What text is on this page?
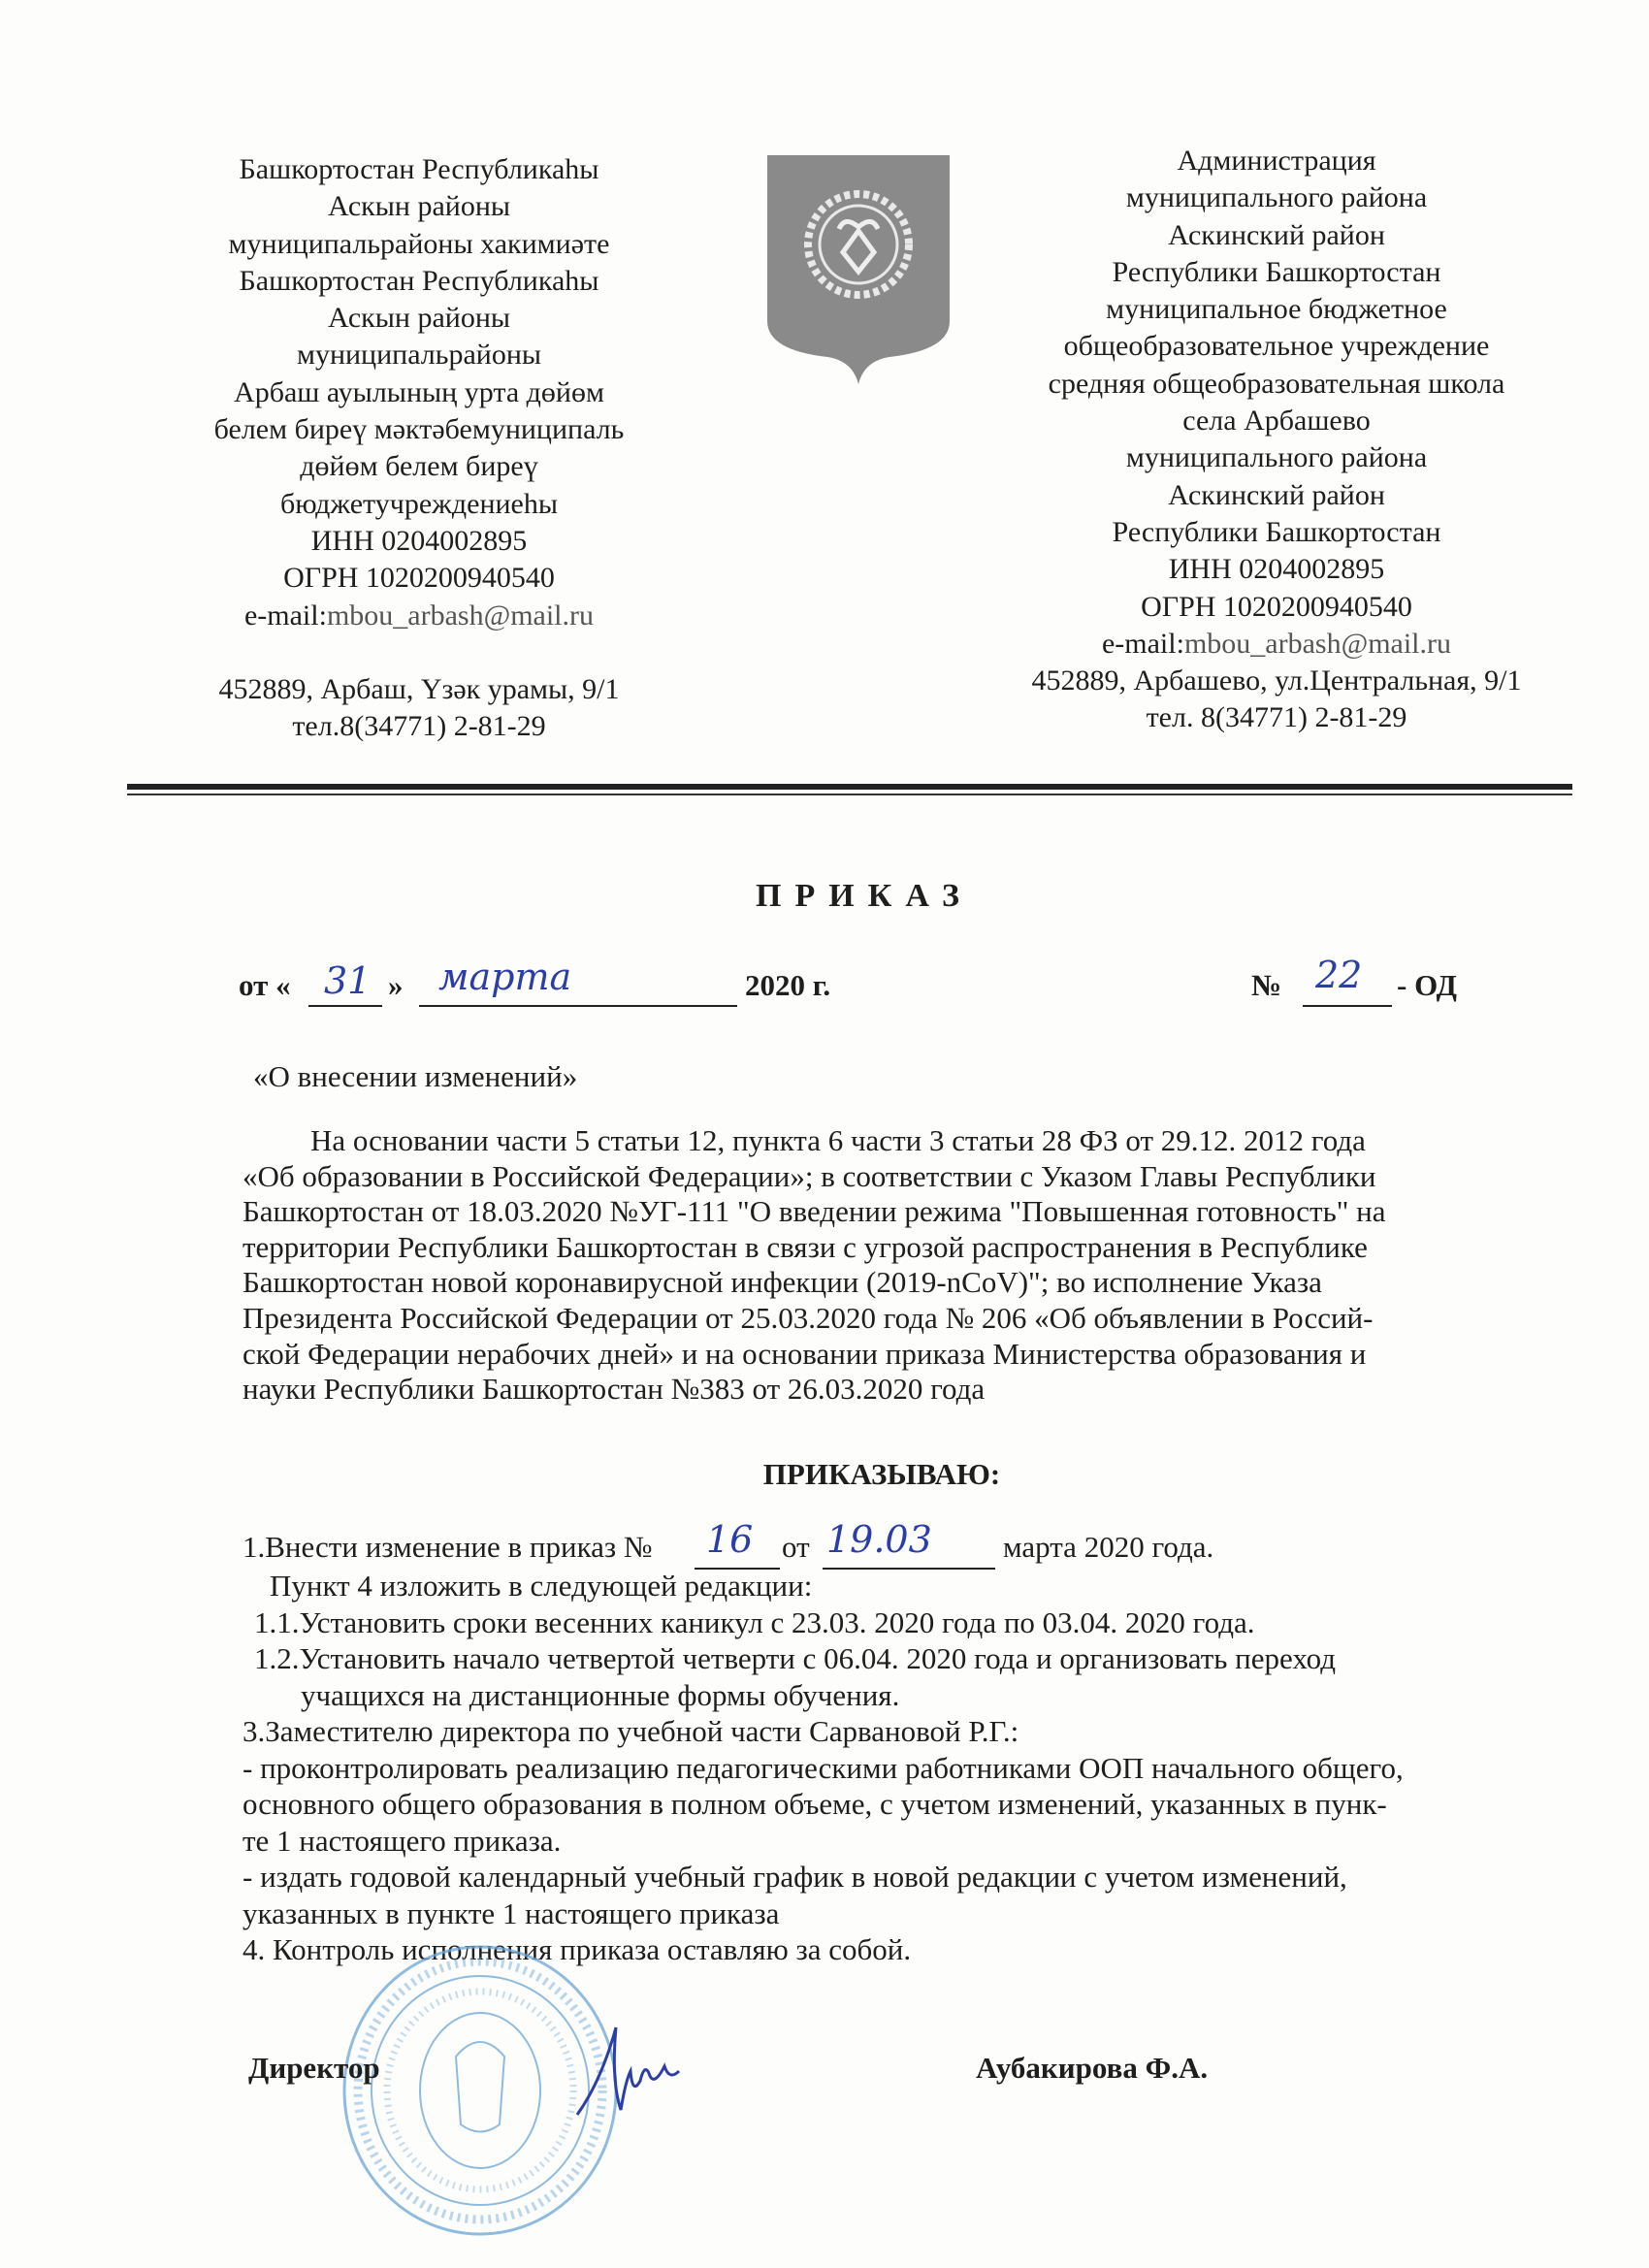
Башкортостан Республикаhы
Аскын районы
муниципальрайоны хакимиәте
Башкортостан Республикаhы
Аскын районы
муниципальрайоны
Арбаш ауылының урта дөйөм
белем биреү мәктәбемуниципаль
дөйөм белем биреү
бюджетучреждениеhы
ИНН 0204002895
ОГРН 1020200940540
e-mail:mbou_arbash@mail.ru
452889, Арбаш, Үзәк урамы, 9/1
тел.8(34771) 2-81-29
Администрация
муниципального района
Аскинский район
Республики Башкортостан
муниципальное бюджетное
общеобразовательное учреждение
средняя общеобразовательная школа
села Арбашево
муниципального района
Аскинский район
Республики Башкортостан
ИНН 0204002895
ОГРН 1020200940540
e-mail:mbou_arbash@mail.ru
452889, Арбашево, ул.Центральная, 9/1
тел. 8(34771) 2-81-29
ПРИКАЗ
от « 31 » марта	2020 г.	№ 22 - ОД
«О внесении изменений»
На основании части 5 статьи 12, пункта 6 части 3 статьи 28 ФЗ от 29.12. 2012 года
«Об образовании в Российской Федерации»; в соответствии с Указом Главы Республики
Башкортостан от 18.03.2020 №УГ-111 "О введении режима "Повышенная готовность" на
территории Республики Башкортостан в связи с угрозой распространения в Республике
Башкортостан новой коронавирусной инфекции (2019-nCoV)"; во исполнение Указа
Президента Российской Федерации от 25.03.2020 года № 206 «Об объявлении в Россий-
ской Федерации нерабочих дней» и на основании приказа Министерства образования и
науки Республики Башкортостан №383 от 26.03.2020 года
ПРИКАЗЫВАЮ:
1.Внести изменение в приказ № 16 от 19.03 марта 2020 года.
Пункт 4 изложить в следующей редакции:
1.1.Установить сроки весенних каникул с 23.03. 2020 года по 03.04. 2020 года.
1.2.Установить начало четвертой четверти с 06.04. 2020 года и организовать переход
учащихся на дистанционные формы обучения.
3.Заместителю директора по учебной части Сарвановой Р.Г.:
- проконтролировать реализацию педагогическими работниками ООП начального общего,
основного общего образования в полном объеме, с учетом изменений, указанных в пунк-
те 1 настоящего приказа.
- издать годовой календарный учебный график в новой редакции с учетом изменений,
указанных в пункте 1 настоящего приказа
4. Контроль исполнения приказа оставляю за собой.
Директор	Аубакирова Ф.А.
